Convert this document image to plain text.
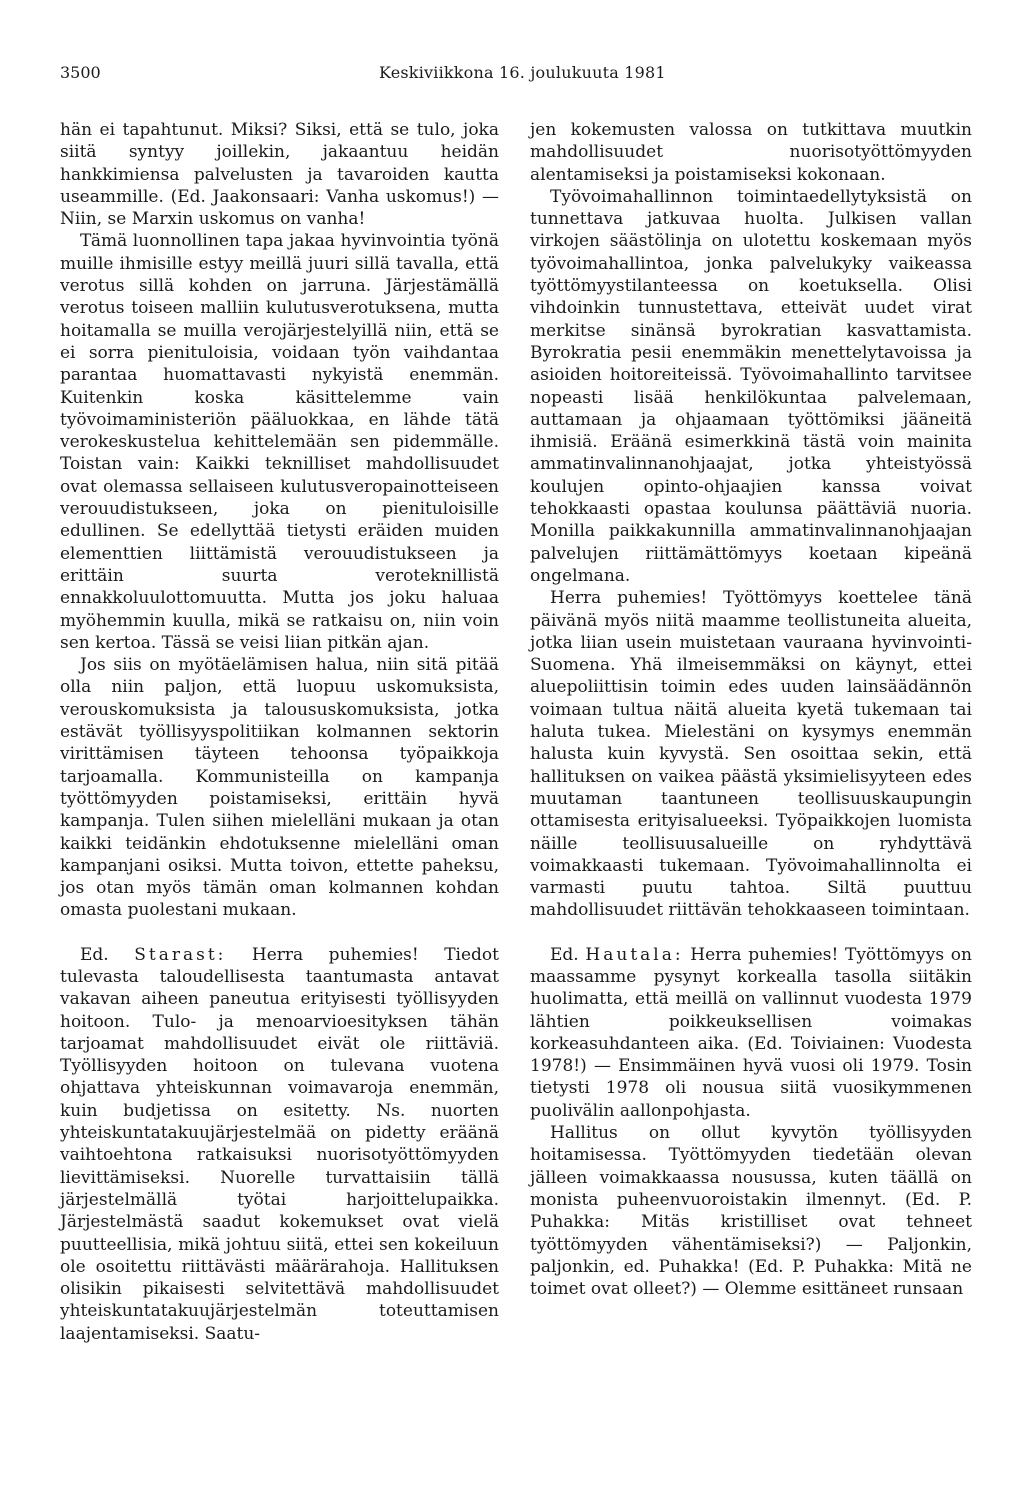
3500	Keskiviikkona 16. joulukuuta 1981

hän ei tapahtunut. Miksi? Siksi, että se tulo, joka siitä syntyy joillekin, jakaantuu heidän hankkimiensa palvelusten ja tavaroiden kautta useammille. (Ed. Jaakonsaari: Vanha uskomus!) — Niin, se Marxin uskomus on vanha!

Tämä luonnollinen tapa jakaa hyvinvointia työnä muille ihmisille estyy meillä juuri sillä tavalla, että verotus sillä kohden on jarruna. Järjestämällä verotus toiseen malliin kulutusverotuksena, mutta hoitamalla se muilla verojärjestelyillä niin, että se ei sorra pienituloisia, voidaan työn vaihdantaa parantaa huomattavasti nykyistä enemmän. Kuitenkin koska käsittelemme vain työvoimaministeriön pääluokkaa, en lähde tätä verokeskustelua kehittelemään sen pidemmälle. Toistan vain: Kaikki teknilliset mahdollisuudet ovat olemassa sellaiseen kulutusveropainotteiseen verouudistukseen, joka on pienituloisille edullinen. Se edellyttää tietysti eräiden muiden elementtien liittämistä verouudistukseen ja erittäin suurta veroteknillistä ennakkoluulottomuutta. Mutta jos joku haluaa myöhemmin kuulla, mikä se ratkaisu on, niin voin sen kertoa. Tässä se veisi liian pitkän ajan.

Jos siis on myötäelämisen halua, niin sitä pitää olla niin paljon, että luopuu uskomuksista, verouskomuksista ja taloususkomuksista, jotka estävät työllisyyspolitiikan kolmannen sektorin virittämisen täyteen tehoonsa työpaikkoja tarjoamalla. Kommunisteilla on kampanja työttömyyden poistamiseksi, erittäin hyvä kampanja. Tulen siihen mielelläni mukaan ja otan kaikki teidänkin ehdotuksenne mielelläni oman kampanjani osiksi. Mutta toivon, ettette paheksu, jos otan myös tämän oman kolmannen kohdan omasta puolestani mukaan.

Ed. Starast: Herra puhemies! Tiedot tulevasta taloudellisesta taantumasta antavat vakavan aiheen paneutua erityisesti työllisyyden hoitoon. Tulo- ja menoarvioesityksen tähän tarjoamat mahdollisuudet eivät ole riittäviä. Työllisyyden hoitoon on tulevana vuotena ohjattava yhteiskunnan voimavaroja enemmän, kuin budjetissa on esitetty. Ns. nuorten yhteiskuntatakuujärjestelmää on pidetty eräänä vaihtoehtona ratkaisuksi nuorisotyöttömyyden lievittämiseksi. Nuorelle turvattaisiin tällä järjestelmällä työtai harjoittelupaikka. Järjestelmästä saadut kokemukset ovat vielä puutteellisia, mikä johtuu siitä, ettei sen kokeiluun ole osoitettu riittävästi määrärahoja. Hallituksen olisikin pikaisesti selvitettävä mahdollisuudet yhteiskuntatakuujärjestelmän toteuttamisen laajentamiseksi. Saatu-

jen kokemusten valossa on tutkittava muutkin mahdollisuudet nuorisotyöttömyyden alentamiseksi ja poistamiseksi kokonaan.

Työvoimahallinnon toimintaedellytyksistä on tunnettava jatkuvaa huolta. Julkisen vallan virkojen säästölinja on ulotettu koskemaan myös työvoimahallintoa, jonka palvelukyky vaikeassa työttömyystilanteessa on koetuksella. Olisi vihdoinkin tunnustettava, etteivät uudet virat merkitse sinänsä byrokratian kasvattamista. Byrokratia pesii enemmäkin menettelytavoissa ja asioiden hoitoreiteissä. Työvoimahallinto tarvitsee nopeasti lisää henkilökuntaa palvelemaan, auttamaan ja ohjaamaan työttömiksi jääneitä ihmisiä. Eräänä esimerkkinä tästä voin mainita ammatinvalinnanohjaajat, jotka yhteistyössä koulujen opinto-ohjaajien kanssa voivat tehokkaasti opastaa koulunsa päättäviä nuoria. Monilla paikkakunnilla ammatinvalinnanohjaajan palvelujen riittämättömyys koetaan kipeänä ongelmana.

Herra puhemies! Työttömyys koettelee tänä päivänä myös niitä maamme teollistuneita alueita, jotka liian usein muistetaan vauraana hyvinvointi-Suomena. Yhä ilmeisemmäksi on käynyt, ettei aluepoliittisin toimin edes uuden lainsäädännön voimaan tultua näitä alueita kyetä tukemaan tai haluta tukea. Mielestäni on kysymys enemmän halusta kuin kyvystä. Sen osoittaa sekin, että hallituksen on vaikea päästä yksimielisyyteen edes muutaman taantuneen teollisuuskaupungin ottamisesta erityisalueeksi. Työpaikkojen luomista näille teollisuusalueille on ryhdyttävä voimakkaasti tukemaan. Työvoimahallinnolta ei varmasti puutu tahtoa. Siltä puuttuu mahdollisuudet riittävän tehokkaaseen toimintaan.

Ed. Hautala: Herra puhemies! Työttömyys on maassamme pysynyt korkealla tasolla siitäkin huolimatta, että meillä on vallinnut vuodesta 1979 lähtien poikkeuksellisen voimakas korkeasuhdanteen aika. (Ed. Toiviainen: Vuodesta 1978!) — Ensimmäinen hyvä vuosi oli 1979. Tosin tietysti 1978 oli nousua siitä vuosikymmenen puolivälin aallonpohjasta.

Hallitus on ollut kyvytön työllisyyden hoitamisessa. Työttömyyden tiedetään olevan jälleen voimakkaassa nousussa, kuten täällä on monista puheenvuoroistakin ilmennyt. (Ed. P. Puhakka: Mitäs kristilliset ovat tehneet työttömyyden vähentämiseksi?) — Paljonkin, paljonkin, ed. Puhakka! (Ed. P. Puhakka: Mitä ne toimet ovat olleet?) — Olemme esittäneet runsaan
